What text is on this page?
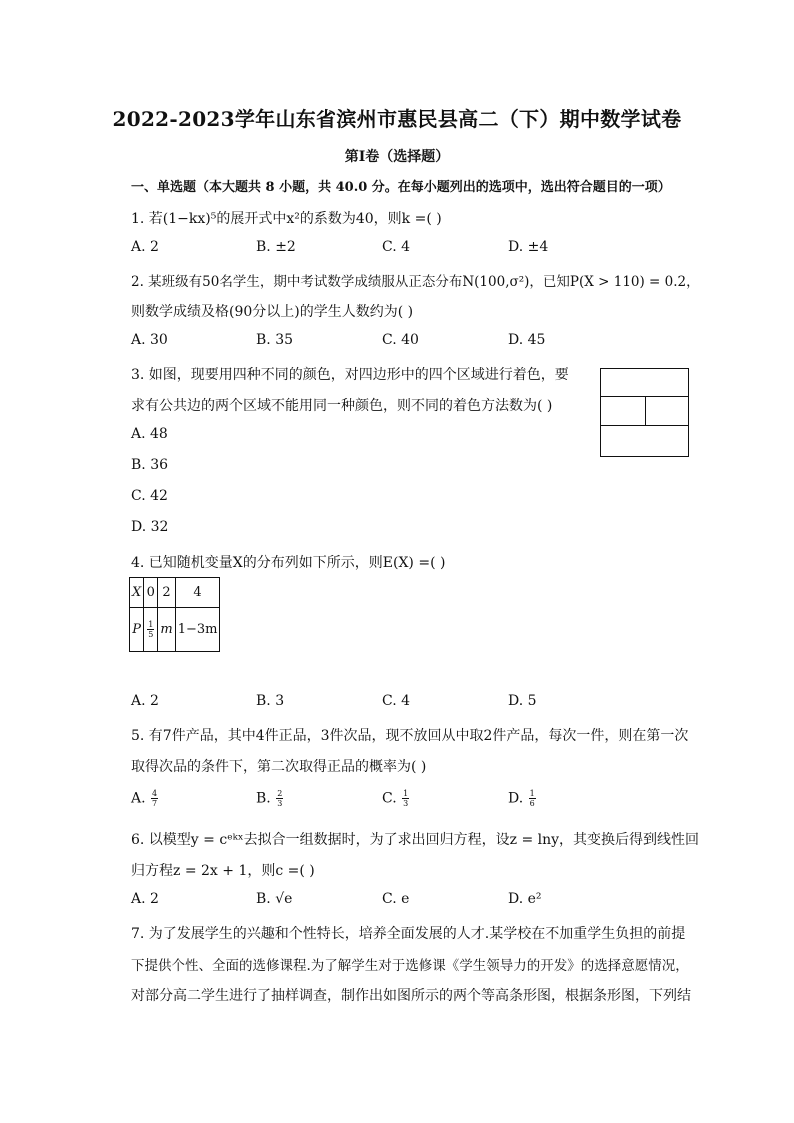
2022-2023学年山东省滨州市惠民县高二（下）期中数学试卷
第I卷（选择题）
一、单选题（本大题共 8 小题，共 40.0 分。在每小题列出的选项中，选出符合题目的一项）
1. 若(1−kx)⁵的展开式中x²的系数为40，则k =( )
A. 2	B. ±2	C. 4	D. ±4
2. 某班级有50名学生，期中考试数学成绩服从正态分布N(100,σ²)，已知P(X > 110) = 0.2，
则数学成绩及格(90分以上)的学生人数约为( )
A. 30	B. 35	C. 40	D. 45
3. 如图，现要用四种不同的颜色，对四边形中的四个区域进行着色，要
求有公共边的两个区域不能用同一种颜色，则不同的着色方法数为( )
A. 48
B. 36
C. 42
D. 32
4. 已知随机变量X的分布列如下所示，则E(X) =( )
X	0	2	4
P	$\frac{1}{5}$	m	1−3m
A. 2	B. 3	C. 4	D. 5
5. 有7件产品，其中4件正品，3件次品，现不放回从中取2件产品，每次一件，则在第一次
取得次品的条件下，第二次取得正品的概率为( )
A. $\frac{4}{7}$	B. $\frac{2}{3}$	C. $\frac{1}{3}$	D. $\frac{1}{6}$
6. 以模型y = cᵉᵏˣ去拟合一组数据时，为了求出回归方程，设z = lny，其变换后得到线性回
归方程z = 2x + 1，则c =( )
A. 2	B. √e	C. e	D. e²
7. 为了发展学生的兴趣和个性特长，培养全面发展的人才.某学校在不加重学生负担的前提
下提供个性、全面的选修课程.为了解学生对于选修课《学生领导力的开发》的选择意愿情况，
对部分高二学生进行了抽样调查，制作出如图所示的两个等高条形图，根据条形图，下列结
